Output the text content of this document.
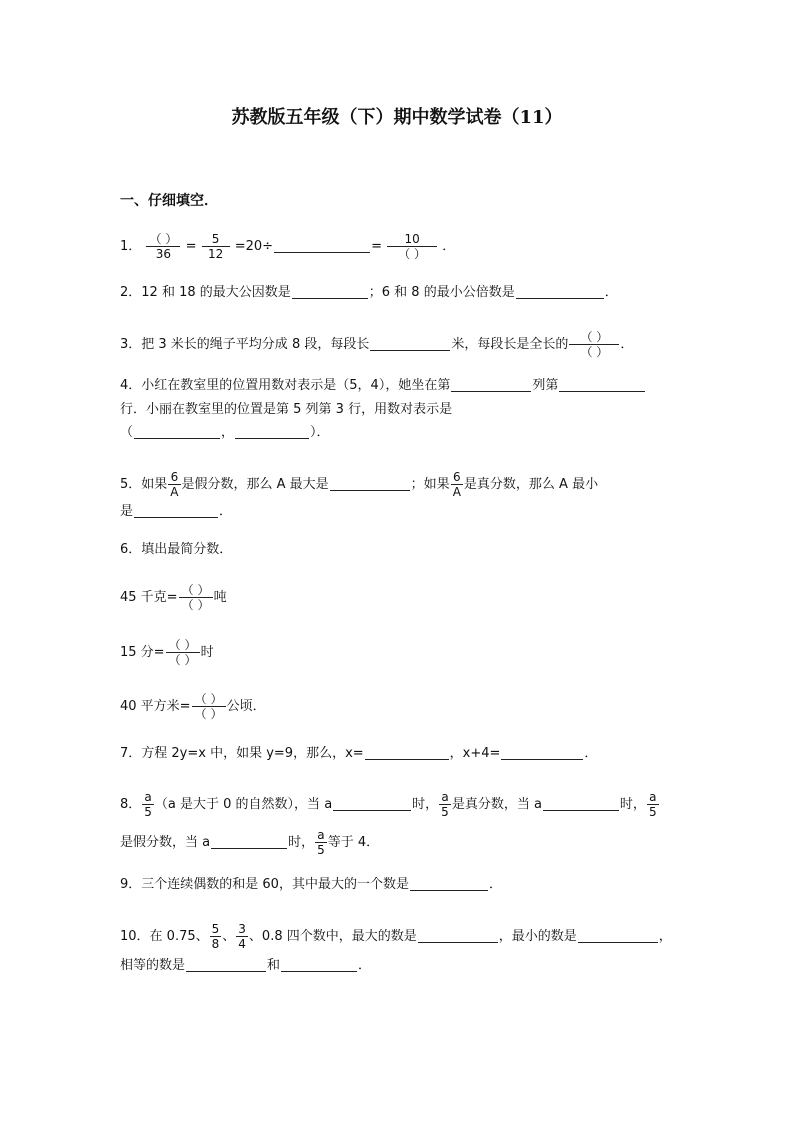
苏教版五年级（下）期中数学试卷（11）
一、仔细填空．
1． $\frac{( )}{36} = \frac{5}{12} =20\div$	= $\frac{10}{( )}$ ．
2．12 和 18 的最大公因数是	；6 和 8 的最小公倍数是	．
3．把 3 米长的绳子平均分成 8 段，每段长	米，每段长是全长的 $\frac{( )}{( )}$ ．
4．小红在教室里的位置用数对表示是（5，4），她坐在第	列第
行．小丽在教室里的位置是第 5 列第 3 行，用数对表示是
（	，	）．
5．如果 $\frac{6}{A}$ 是假分数，那么 A 最大是	；如果 $\frac{6}{A}$ 是真分数，那么 A 最小
是	．
6．填出最简分数．
45 千克= $\frac{( )}{( )}$ 吨
15 分= $\frac{( )}{( )}$ 时
40 平方米= $\frac{( )}{( )}$ 公顷．
7．方程 2y=x 中，如果 y=9，那么，x=	，x+4=	．
8． $\frac{a}{5} (a$ 是大于 0 的自然数），当 a	时， $\frac{a}{5}$ 是真分数，当 a	时， $\frac{a}{5}$
是假分数，当 a	时， $\frac{a}{5}$ 等于 4．
9．三个连续偶数的和是 60，其中最大的一个数是	．
10．在 0.75、 $\frac{5}{8}$ 、 $\frac{3}{4}$ 、0.8 四个数中，最大的数是	，最小的数是	，
相等的数是	和	．
